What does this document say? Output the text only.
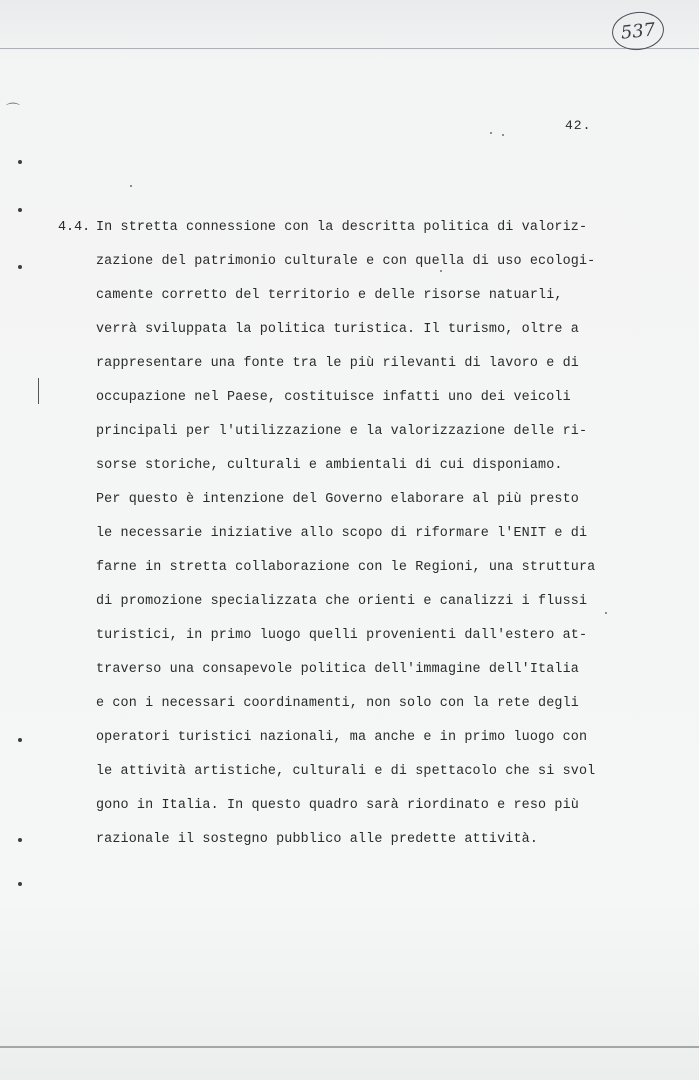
537
⌒
42.
4.4. In stretta connessione con la descritta politica di valoriz-
zazione del patrimonio culturale e con quella di uso ecologi-
camente corretto del territorio e delle risorse natuarli,
verrà sviluppata la politica turistica. Il turismo, oltre a
rappresentare una fonte tra le più rilevanti di lavoro e di
occupazione nel Paese, costituisce infatti uno dei veicoli
principali per l'utilizzazione e la valorizzazione delle ri-
sorse storiche, culturali e ambientali di cui disponiamo.
Per questo è intenzione del Governo elaborare al più presto
le necessarie iniziative allo scopo di riformare l'ENIT e di
farne in stretta collaborazione con le Regioni, una struttura
di promozione specializzata che orienti e canalizzi i flussi
turistici, in primo luogo quelli provenienti dall'estero at-
traverso una consapevole politica dell'immagine dell'Italia
e con i necessari coordinamenti, non solo con la rete degli
operatori turistici nazionali, ma anche e in primo luogo con
le attività artistiche, culturali e di spettacolo che si svol
gono in Italia. In questo quadro sarà riordinato e reso più
razionale il sostegno pubblico alle predette attività.
